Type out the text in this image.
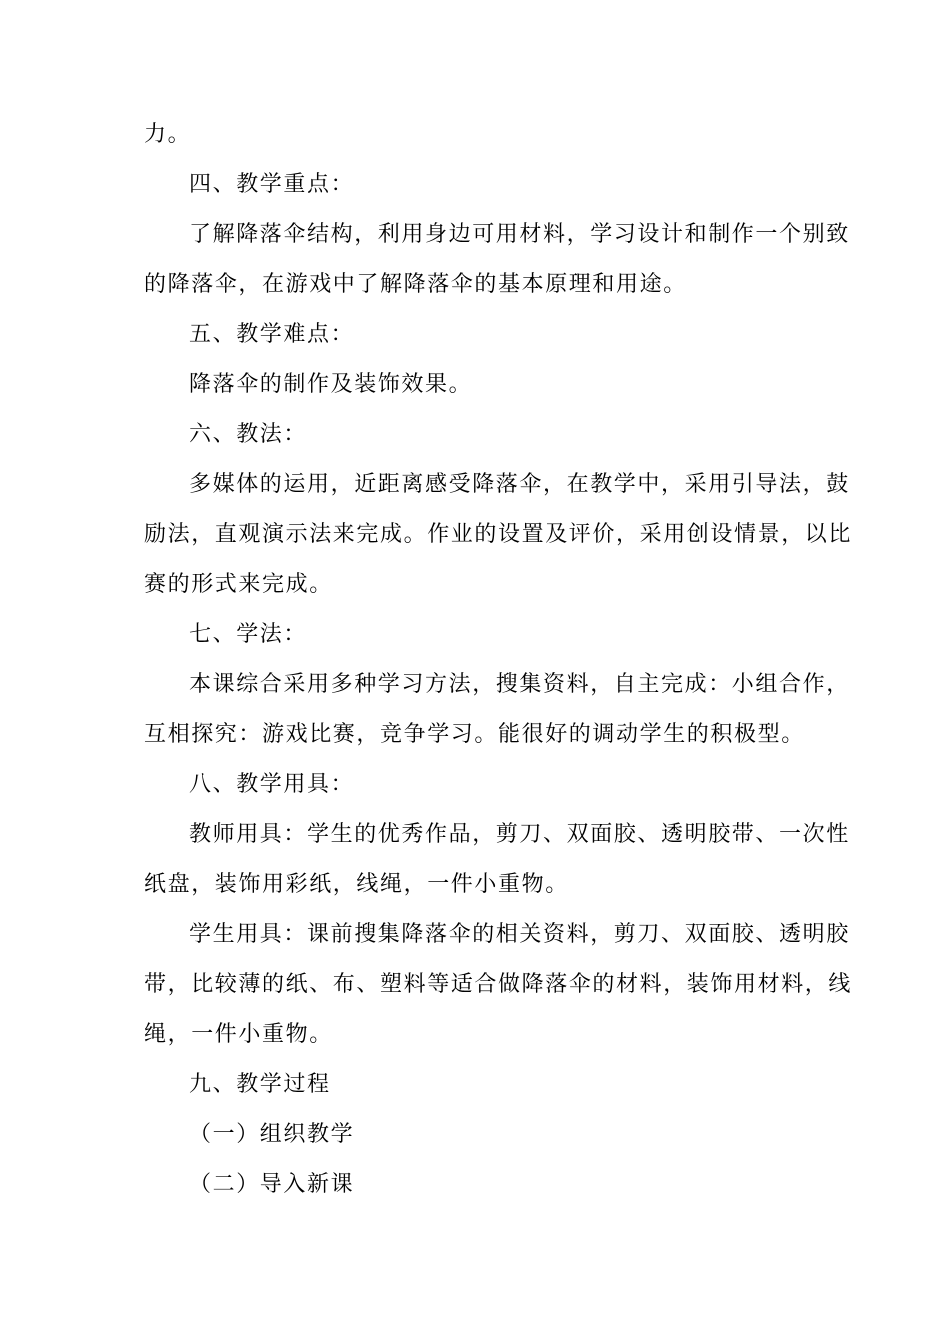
力。
四、教学重点：
了解降落伞结构，利用身边可用材料，学习设计和制作一个别致
的降落伞，在游戏中了解降落伞的基本原理和用途。
五、教学难点：
降落伞的制作及装饰效果。
六、教法：
多媒体的运用，近距离感受降落伞，在教学中，采用引导法，鼓
励法，直观演示法来完成。作业的设置及评价，采用创设情景，以比
赛的形式来完成。
七、学法：
本课综合采用多种学习方法，搜集资料，自主完成：小组合作，
互相探究：游戏比赛，竞争学习。能很好的调动学生的积极型。
八、教学用具：
教师用具：学生的优秀作品，剪刀、双面胶、透明胶带、一次性
纸盘，装饰用彩纸，线绳，一件小重物。
学生用具：课前搜集降落伞的相关资料，剪刀、双面胶、透明胶
带，比较薄的纸、布、塑料等适合做降落伞的材料，装饰用材料，线
绳，一件小重物。
九、教学过程
（一）组织教学
（二）导入新课
